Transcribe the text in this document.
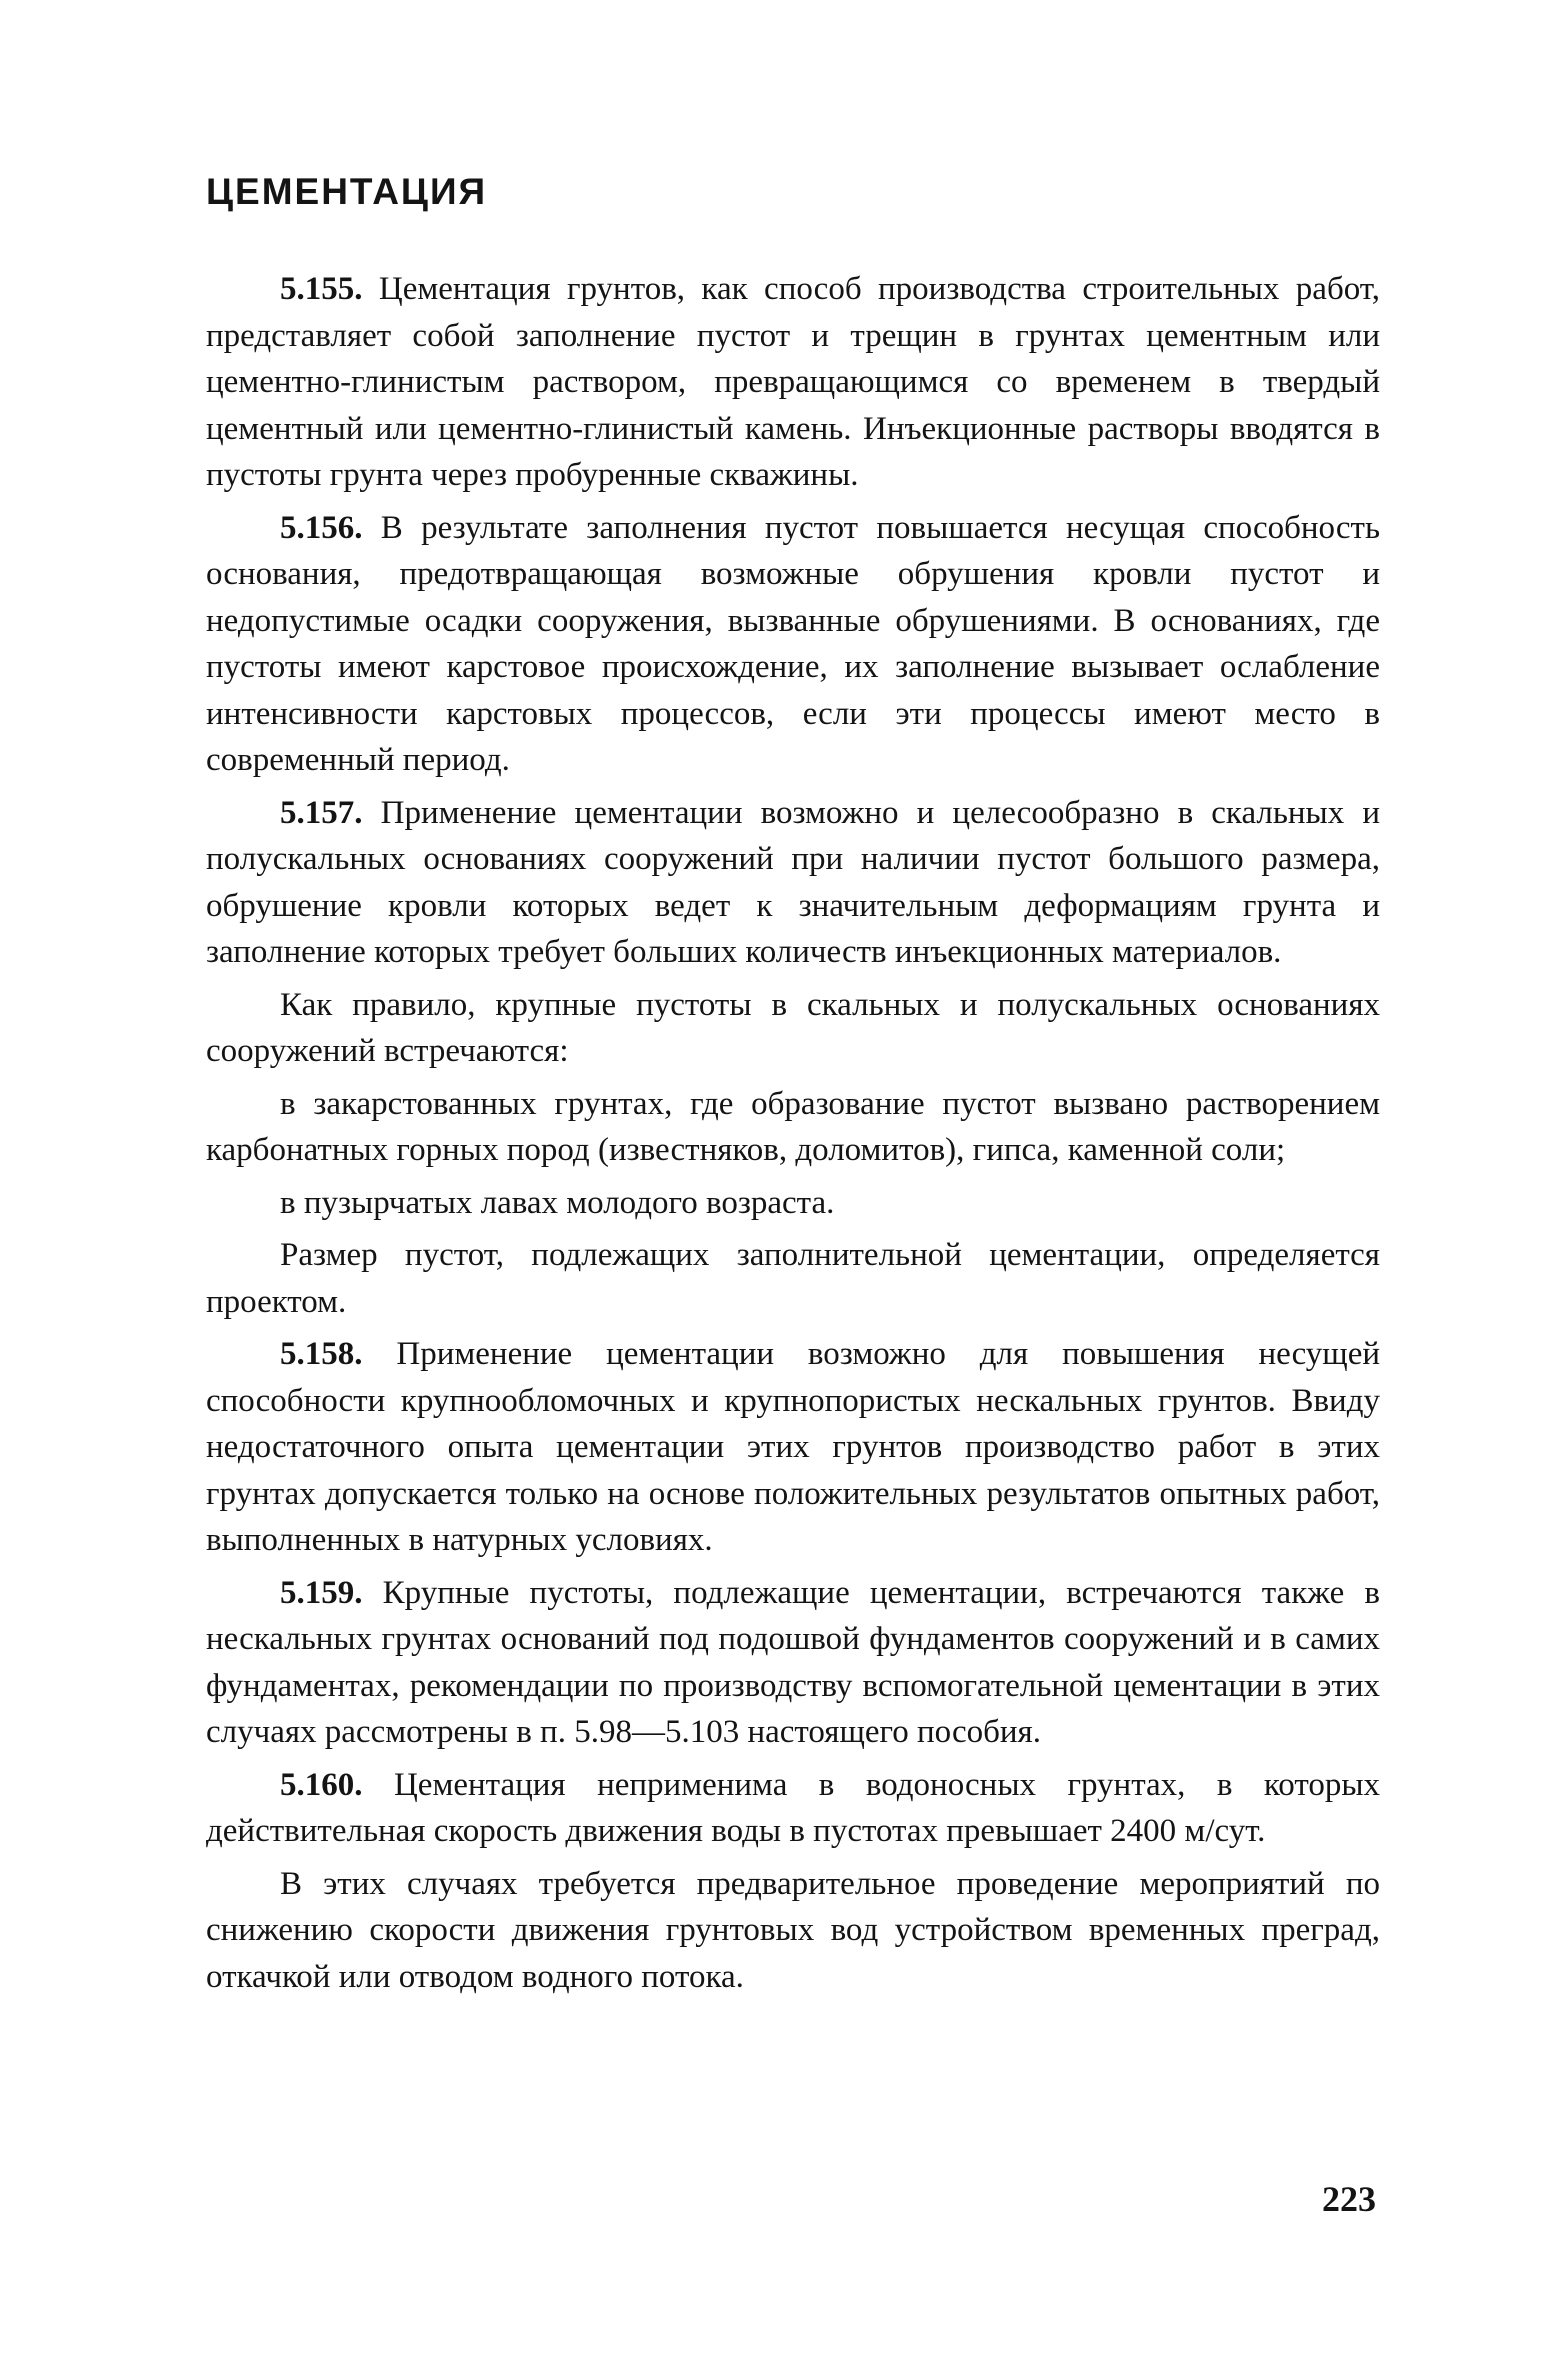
ЦЕМЕНТАЦИЯ

5.155. Цементация грунтов, как способ производства строительных работ, представляет собой заполнение пустот и трещин в грунтах цементным или цементно-глинистым раствором, превращающимся со временем в твердый цементный или цементно-глинистый камень. Инъекционные растворы вводятся в пустоты грунта через пробуренные скважины.

5.156. В результате заполнения пустот повышается несущая способность основания, предотвращающая возможные обрушения кровли пустот и недопустимые осадки сооружения, вызванные обрушениями. В основаниях, где пустоты имеют карстовое происхождение, их заполнение вызывает ослабление интенсивности карстовых процессов, если эти процессы имеют место в современный период.

5.157. Применение цементации возможно и целесообразно в скальных и полускальных основаниях сооружений при наличии пустот большого размера, обрушение кровли которых ведет к значительным деформациям грунта и заполнение которых требует больших количеств инъекционных материалов.

Как правило, крупные пустоты в скальных и полускальных основаниях сооружений встречаются:

в закарстованных грунтах, где образование пустот вызвано растворением карбонатных горных пород (известняков, доломитов), гипса, каменной соли;

в пузырчатых лавах молодого возраста.

Размер пустот, подлежащих заполнительной цементации, определяется проектом.

5.158. Применение цементации возможно для повышения несущей способности крупнообломочных и крупнопористых нескальных грунтов. Ввиду недостаточного опыта цементации этих грунтов производство работ в этих грунтах допускается только на основе положительных результатов опытных работ, выполненных в натурных условиях.

5.159. Крупные пустоты, подлежащие цементации, встречаются также в нескальных грунтах оснований под подошвой фундаментов сооружений и в самих фундаментах, рекомендации по производству вспомогательной цементации в этих случаях рассмотрены в п. 5.98—5.103 настоящего пособия.

5.160. Цементация неприменима в водоносных грунтах, в которых действительная скорость движения воды в пустотах превышает 2400 м/сут.

В этих случаях требуется предварительное проведение мероприятий по снижению скорости движения грунтовых вод устройством временных преград, откачкой или отводом водного потока.

223
